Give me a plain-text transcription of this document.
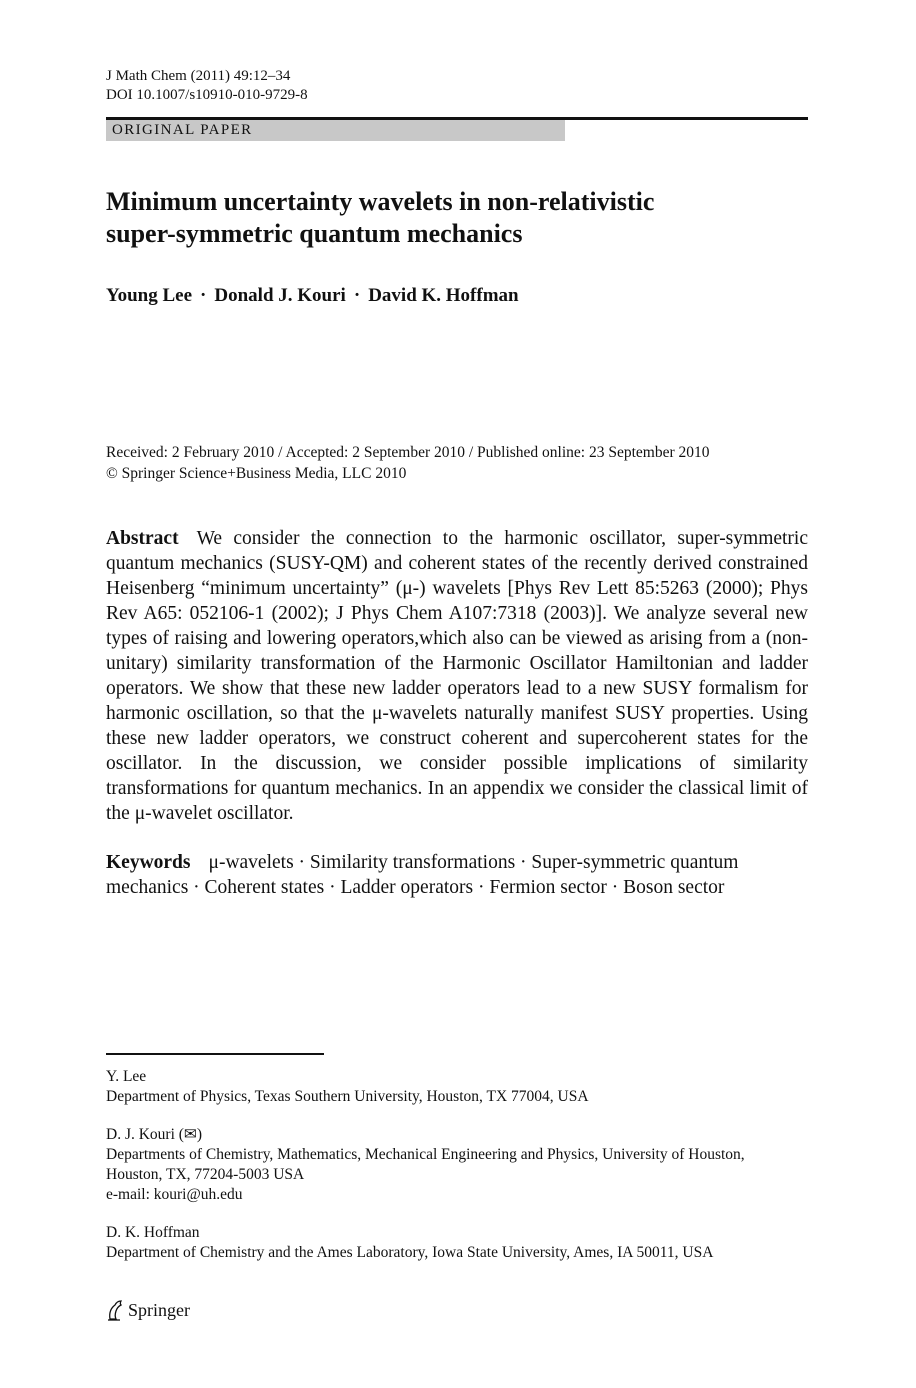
J Math Chem (2011) 49:12–34
DOI 10.1007/s10910-010-9729-8
ORIGINAL PAPER
Minimum uncertainty wavelets in non-relativistic
super-symmetric quantum mechanics
Young Lee · Donald J. Kouri · David K. Hoffman
Received: 2 February 2010 / Accepted: 2 September 2010 / Published online: 23 September 2010
© Springer Science+Business Media, LLC 2010

Abstract We consider the connection to the harmonic oscillator, super-symmetric quantum mechanics (SUSY-QM) and coherent states of the recently derived constrained Heisenberg “minimum uncertainty” (μ-) wavelets [Phys Rev Lett 85:5263 (2000); Phys Rev A65: 052106-1 (2002); J Phys Chem A107:7318 (2003)]. We analyze several new types of raising and lowering operators,which also can be viewed as arising from a (non-unitary) similarity transformation of the Harmonic Oscillator Hamiltonian and ladder operators. We show that these new ladder operators lead to a new SUSY formalism for harmonic oscillation, so that the μ-wavelets naturally manifest SUSY properties. Using these new ladder operators, we construct coherent and supercoherent states for the oscillator. In the discussion, we consider possible implications of similarity transformations for quantum mechanics. In an appendix we consider the classical limit of the μ-wavelet oscillator.

Keywords μ-wavelets · Similarity transformations · Super-symmetric quantum mechanics · Coherent states · Ladder operators · Fermion sector · Boson sector

Y. Lee
Department of Physics, Texas Southern University, Houston, TX 77004, USA
D. J. Kouri (✉)
Departments of Chemistry, Mathematics, Mechanical Engineering and Physics, University of Houston,
Houston, TX, 77204-5003 USA
e-mail: kouri@uh.edu
D. K. Hoffman
Department of Chemistry and the Ames Laboratory, Iowa State University, Ames, IA 50011, USA
Springer
